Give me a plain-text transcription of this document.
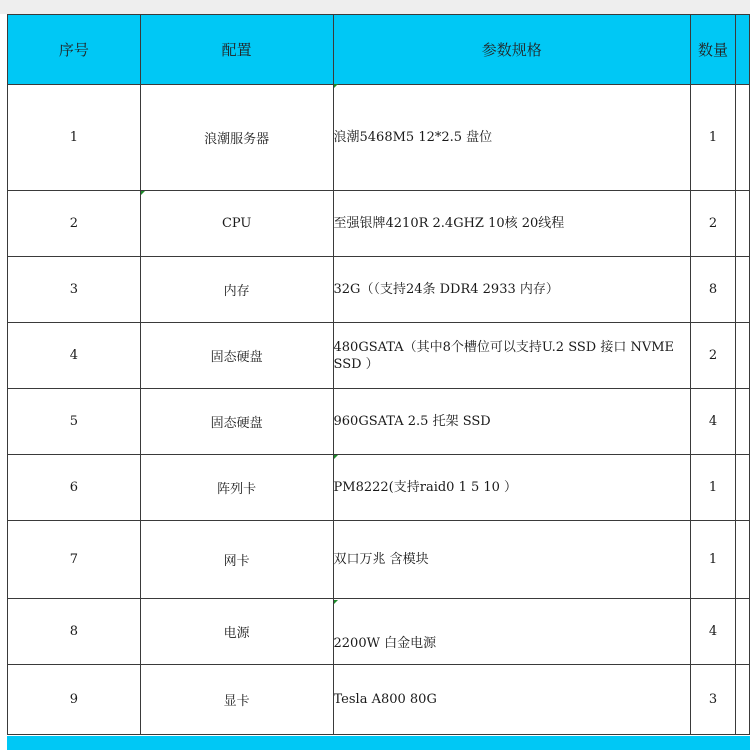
序号	配置	参数规格	数量	
1	浪潮服务器	浪潮5468M5 12*2.5 盘位	1	
2	CPU	至强银牌4210R 2.4GHZ 10核 20线程	2	
3	内存	32G（（支持24条 DDR4 2933 内存）	8	
4	固态硬盘	480GSATA（其中8个槽位可以支持U.2 SSD 接口 NVME SSD ）	2	
5	固态硬盘	960GSATA 2.5 托架 SSD	4	
6	阵列卡	PM8222(支持raid0 1 5 10 ）	1	
7	网卡	双口万兆 含模块	1	
8	电源	2200W 白金电源	4	
9	显卡	Tesla A800 80G	3	
